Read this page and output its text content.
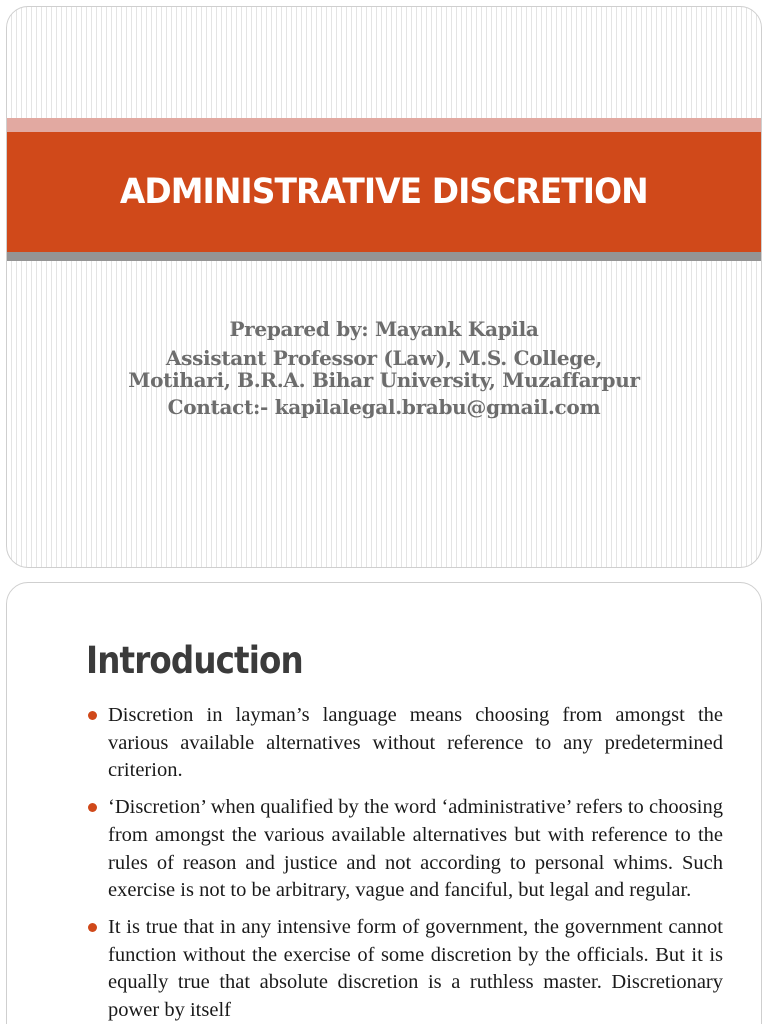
ADMINISTRATIVE DISCRETION
Prepared by: Mayank Kapila
Assistant Professor (Law), M.S. College,
Motihari, B.R.A. Bihar University, Muzaffarpur
Contact:- kapilalegal.brabu@gmail.com
Introduction
Discretion in layman’s language means choosing from amongst the various available alternatives without reference to any predetermined criterion.
‘Discretion’ when qualified by the word ‘administrative’ refers to choosing from amongst the various available alternatives but with reference to the rules of reason and justice and not according to personal whims. Such exercise is not to be arbitrary, vague and fanciful, but legal and regular.
It is true that in any intensive form of government, the government cannot function without the exercise of some discretion by the officials. But it is equally true that absolute discretion is a ruthless master. Discretionary power by itself
